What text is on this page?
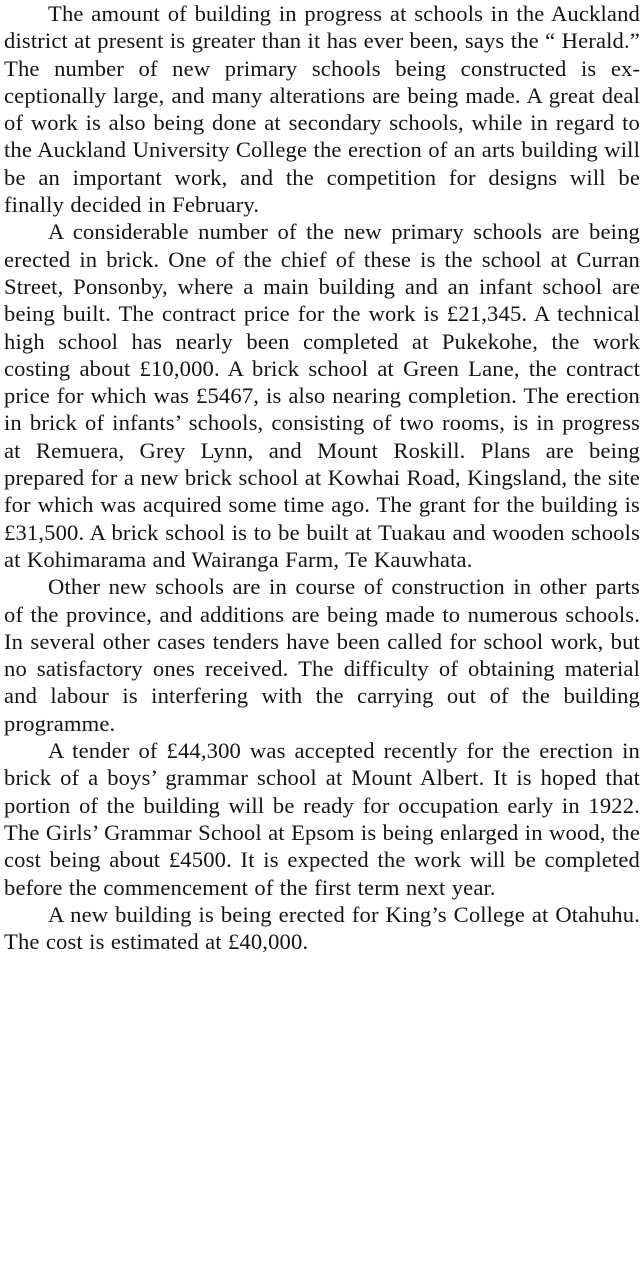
The amount of building in progress at schools in the Auckland district at present is greater than it has ever been, says the “ Herald.” The number of new primary schools being constructed is exceptionally large, and many alterations are being made. A great deal of work is also being done at secondary schools, while in regard to the Auckland University College the erection of an arts building will be an important work, and the competition for designs will be finally decided in February.

A considerable number of the new primary schools are being erected in brick. One of the chief of these is the school at Curran Street, Ponsonby, where a main building and an infant school are being built. The contract price for the work is £21,345. A technical high school has nearly been completed at Pukekohe, the work costing about £10,000. A brick school at Green Lane, the contract price for which was £5467, is also nearing completion. The erection in brick of infants’ schools, consisting of two rooms, is in progress at Remuera, Grey Lynn, and Mount Roskill. Plans are being prepared for a new brick school at Kowhai Road, Kingsland, the site for which was acquired some time ago. The grant for the building is £31,500. A brick school is to be built at Tuakau and wooden schools at Kohimarama and Wairanga Farm, Te Kauwhata.

Other new schools are in course of construction in other parts of the province, and additions are being made to numerous schools. In several other cases tenders have been called for school work, but no satisfactory ones received. The difficulty of obtaining material and labour is interfering with the carrying out of the building programme.

A tender of £44,300 was accepted recently for the erection in brick of a boys’ grammar school at Mount Albert. It is hoped that portion of the building will be ready for occupation early in 1922. The Girls’ Grammar School at Epsom is being enlarged in wood, the cost being about £4500. It is expected the work will be completed before the commencement of the first term next year.

A new building is being erected for King’s College at Otahuhu. The cost is estimated at £40,000.
